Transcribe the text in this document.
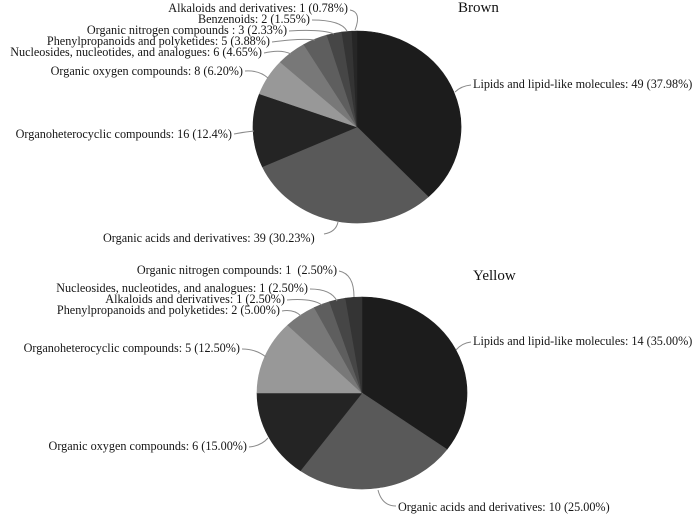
Brown
Alkaloids and derivatives: 1 (0.78%)
Benzenoids: 2 (1.55%)
Organic nitrogen compounds : 3 (2.33%)
Phenylpropanoids and polyketides: 5 (3.88%)
Nucleosides, nucleotides, and analogues: 6 (4.65%)
Organic oxygen compounds: 8 (6.20%)
Organoheterocyclic compounds: 16 (12.4%)
Organic acids and derivatives: 39 (30.23%)
Lipids and lipid-like molecules: 49 (37.98%)
Yellow
Organic nitrogen compounds: 1  (2.50%)
Nucleosides, nucleotides, and analogues: 1 (2.50%)
Alkaloids and derivatives: 1 (2.50%)
Phenylpropanoids and polyketides: 2 (5.00%)
Organoheterocyclic compounds: 5 (12.50%)
Organic oxygen compounds: 6 (15.00%)
Organic acids and derivatives: 10 (25.00%)
Lipids and lipid-like molecules: 14 (35.00%)
